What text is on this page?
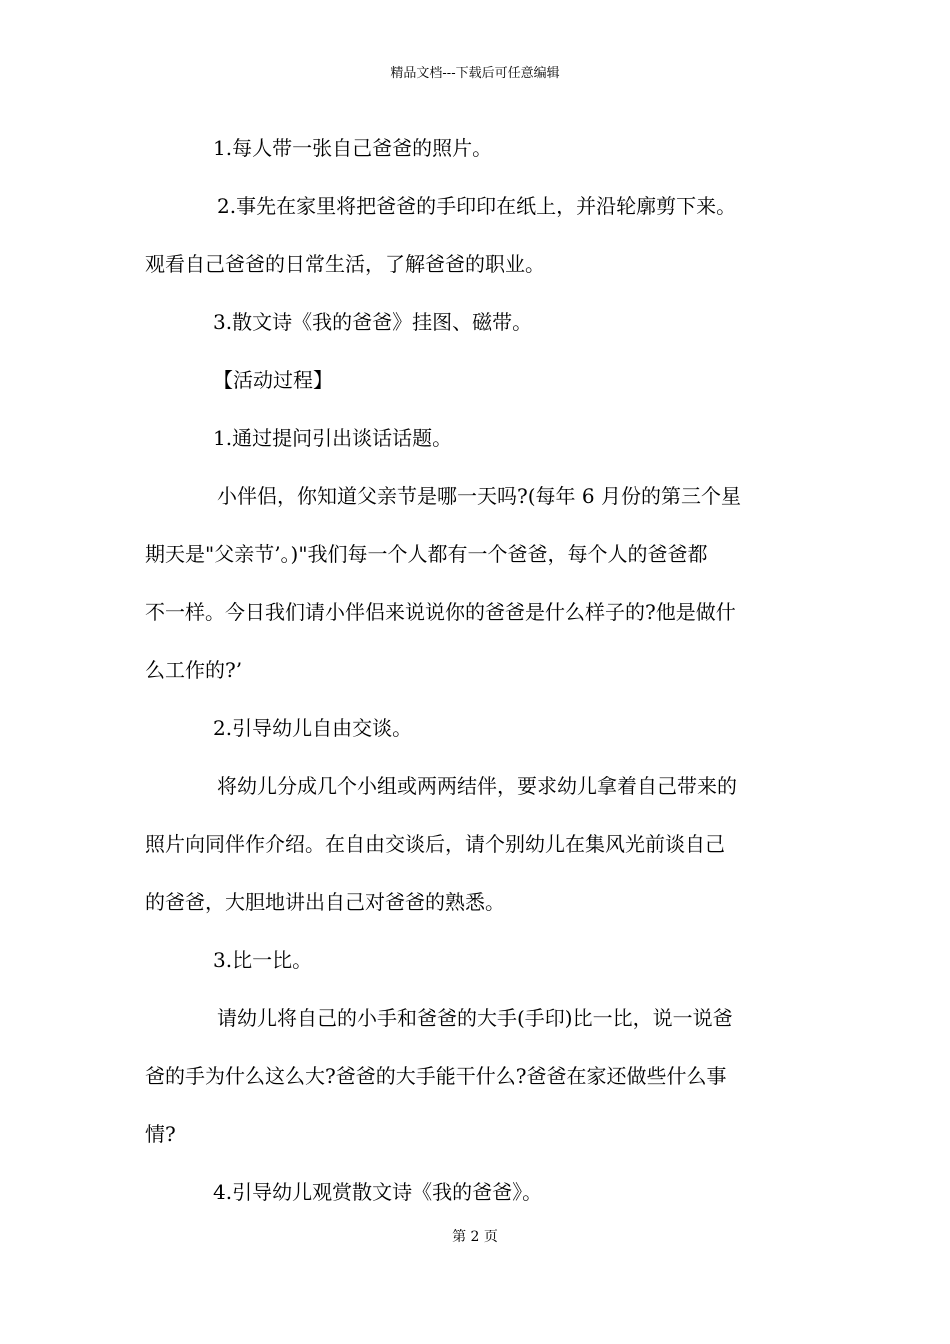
精品文档---下载后可任意编辑

1.每人带一张自己爸爸的照片。

2.事先在家里将把爸爸的手印印在纸上，并沿轮廓剪下来。
观看自己爸爸的日常生活，了解爸爸的职业。

3.散文诗《我的爸爸》挂图、磁带。

【活动过程】

1.通过提问引出谈话话题。

小伴侣，你知道父亲节是哪一天吗?(每年 6 月份的第三个星
期天是"父亲节’。)"我们每一个人都有一个爸爸，每个人的爸爸都
不一样。今日我们请小伴侣来说说你的爸爸是什么样子的?他是做什
么工作的?’

2.引导幼儿自由交谈。

将幼儿分成几个小组或两两结伴，要求幼儿拿着自己带来的
照片向同伴作介绍。在自由交谈后，请个别幼儿在集风光前谈自己
的爸爸，大胆地讲出自己对爸爸的熟悉。

3.比一比。

请幼儿将自己的小手和爸爸的大手(手印)比一比，说一说爸
爸的手为什么这么大?爸爸的大手能干什么?爸爸在家还做些什么事
情?

4.引导幼儿观赏散文诗《我的爸爸》。

第 2 页
